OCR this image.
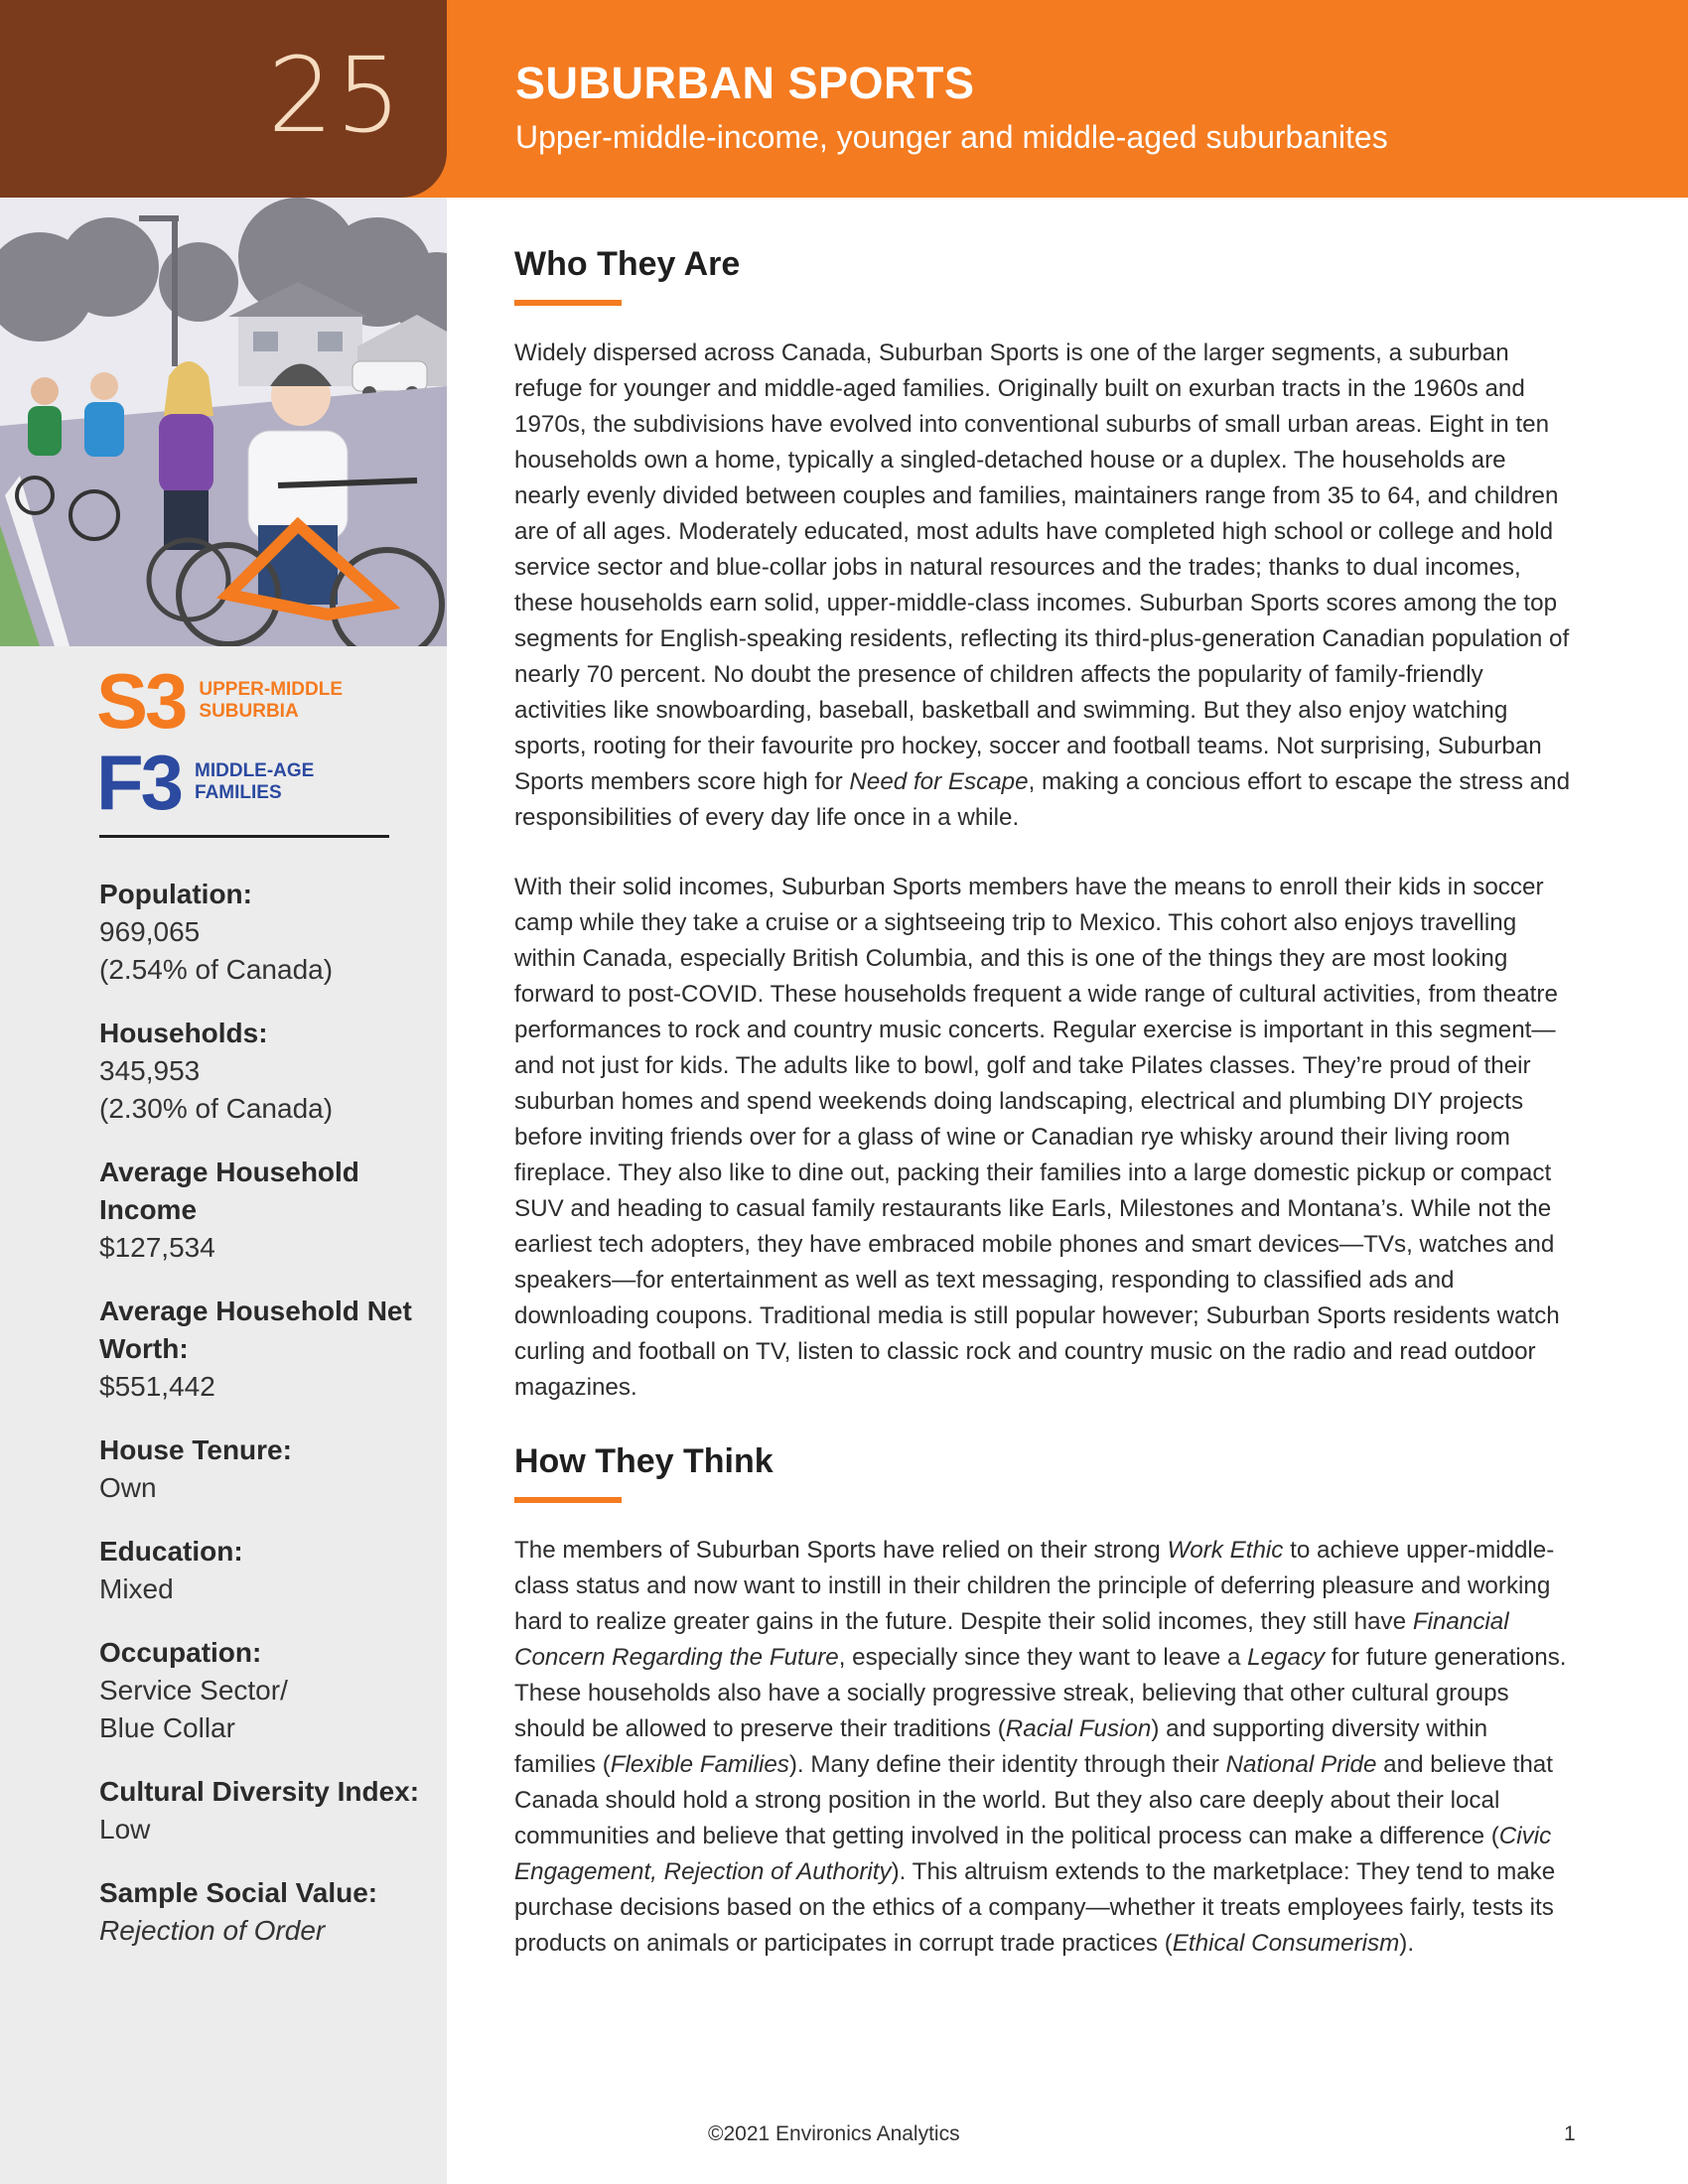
25	SUBURBAN SPORTS
Upper-middle-income, younger and middle-aged suburbanites
S3 UPPER-MIDDLE
SUBURBIA
F3 MIDDLE-AGE
FAMILIES
Population:
969,065
(2.54% of Canada)
Households:
345,953
(2.30% of Canada)
Average Household Income
$127,534
Average Household Net Worth:
$551,442
House Tenure:
Own
Education:
Mixed
Occupation:
Service Sector/
Blue Collar
Cultural Diversity Index:
Low
Sample Social Value:
Rejection of Order
Who They Are

Widely dispersed across Canada, Suburban Sports is one of the larger segments, a suburban refuge for younger and middle-aged families. Originally built on exurban tracts in the 1960s and 1970s, the subdivisions have evolved into conventional suburbs of small urban areas. Eight in ten households own a home, typically a singled-detached house or a duplex. The households are nearly evenly divided between couples and families, maintainers range from 35 to 64, and children are of all ages. Moderately educated, most adults have completed high school or college and hold service sector and blue-collar jobs in natural resources and the trades; thanks to dual incomes, these households earn solid, upper-middle-class incomes. Suburban Sports scores among the top segments for English-speaking residents, reflecting its third-plus-generation Canadian population of nearly 70 percent. No doubt the presence of children affects the popularity of family-friendly activities like snowboarding, baseball, basketball and swimming. But they also enjoy watching sports, rooting for their favourite pro hockey, soccer and football teams. Not surprising, Suburban Sports members score high for Need for Escape, making a concious effort to escape the stress and responsibilities of every day life once in a while.

With their solid incomes, Suburban Sports members have the means to enroll their kids in soccer camp while they take a cruise or a sightseeing trip to Mexico. This cohort also enjoys travelling within Canada, especially British Columbia, and this is one of the things they are most looking forward to post-COVID. These households frequent a wide range of cultural activities, from theatre performances to rock and country music concerts. Regular exercise is important in this segment—and not just for kids. The adults like to bowl, golf and take Pilates classes. They’re proud of their suburban homes and spend weekends doing landscaping, electrical and plumbing DIY projects before inviting friends over for a glass of wine or Canadian rye whisky around their living room fireplace. They also like to dine out, packing their families into a large domestic pickup or compact SUV and heading to casual family restaurants like Earls, Milestones and Montana’s. While not the earliest tech adopters, they have embraced mobile phones and smart devices—TVs, watches and speakers—for entertainment as well as text messaging, responding to classified ads and downloading coupons. Traditional media is still popular however; Suburban Sports residents watch curling and football on TV, listen to classic rock and country music on the radio and read outdoor magazines.

How They Think

The members of Suburban Sports have relied on their strong Work Ethic to achieve upper-middle-class status and now want to instill in their children the principle of deferring pleasure and working hard to realize greater gains in the future. Despite their solid incomes, they still have Financial Concern Regarding the Future, especially since they want to leave a Legacy for future generations. These households also have a socially progressive streak, believing that other cultural groups should be allowed to preserve their traditions (Racial Fusion) and supporting diversity within families (Flexible Families). Many define their identity through their National Pride and believe that Canada should hold a strong position in the world. But they also care deeply about their local communities and believe that getting involved in the political process can make a difference (Civic Engagement, Rejection of Authority). This altruism extends to the marketplace: They tend to make purchase decisions based on the ethics of a company—whether it treats employees fairly, tests its products on animals or participates in corrupt trade practices (Ethical Consumerism).

©2021 Environics Analytics	1
